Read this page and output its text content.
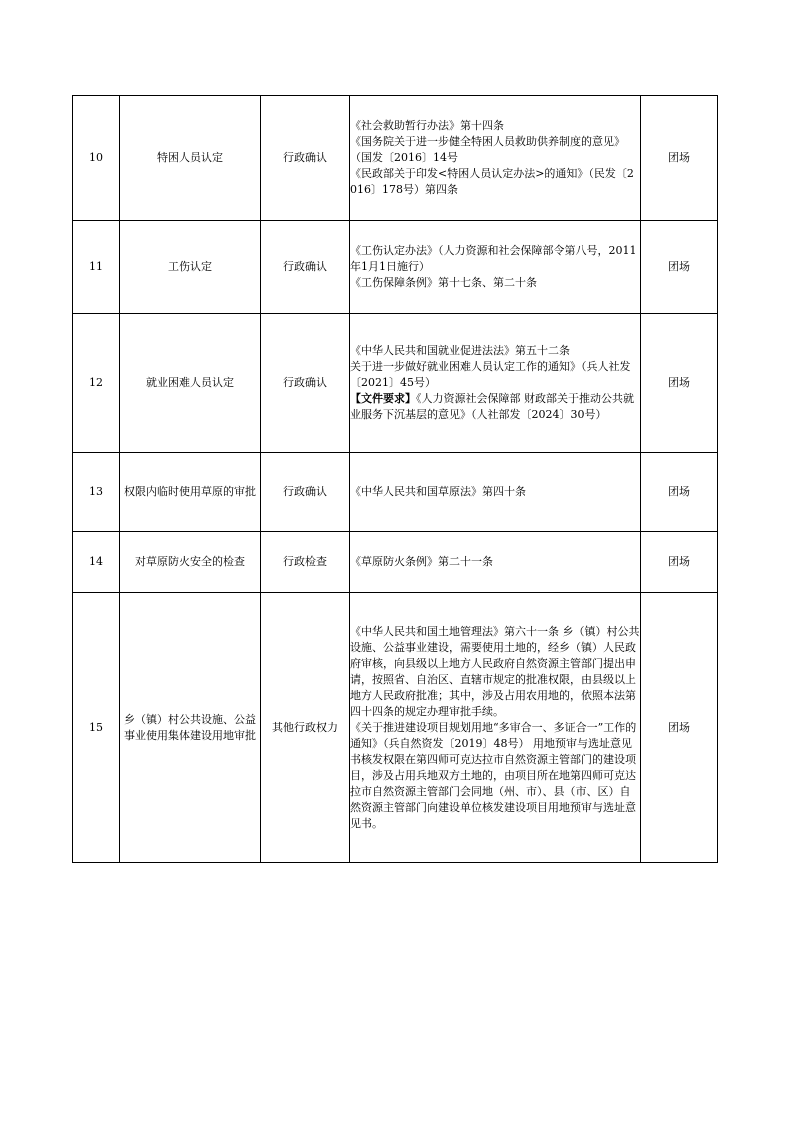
10	特困人员认定	行政确认	《社会救助暂行办法》第十四条
《国务院关于进一步健全特困人员救助供养制度的意见》（国发〔2016〕14号
《民政部关于印发<特困人员认定办法>的通知》（民发〔2016〕178号）第四条	团场
11	工伤认定	行政确认	《工伤认定办法》（人力资源和社会保障部令第八号，2011年1月1日施行）
《工伤保障条例》第十七条、第二十条	团场
12	就业困难人员认定	行政确认	《中华人民共和国就业促进法法》第五十二条
关于进一步做好就业困难人员认定工作的通知》（兵人社发〔2021〕45号）
【文件要求】《人力资源社会保障部 财政部关于推动公共就业服务下沉基层的意见》（人社部发〔2024〕30号）	团场
13	权限内临时使用草原的审批	行政确认	《中华人民共和国草原法》第四十条	团场
14	对草原防火安全的检查	行政检查	《草原防火条例》第二十一条	团场
15	乡（镇）村公共设施、公益事业使用集体建设用地审批	其他行政权力	《中华人民共和国土地管理法》第六十一条 乡（镇）村公共设施、公益事业建设，需要使用土地的，经乡（镇）人民政府审核，向县级以上地方人民政府自然资源主管部门提出申请，按照省、自治区、直辖市规定的批准权限，由县级以上地方人民政府批准；其中，涉及占用农用地的，依照本法第四十四条的规定办理审批手续。
《关于推进建设项目规划用地“多审合一、多证合一”工作的通知》（兵自然资发〔2019〕48号） 用地预审与选址意见书核发权限在第四师可克达拉市自然资源主管部门的建设项目，涉及占用兵地双方土地的，由项目所在地第四师可克达拉市自然资源主管部门会同地（州、市）、县（市、区）自然资源主管部门向建设单位核发建设项目用地预审与选址意见书。	团场
